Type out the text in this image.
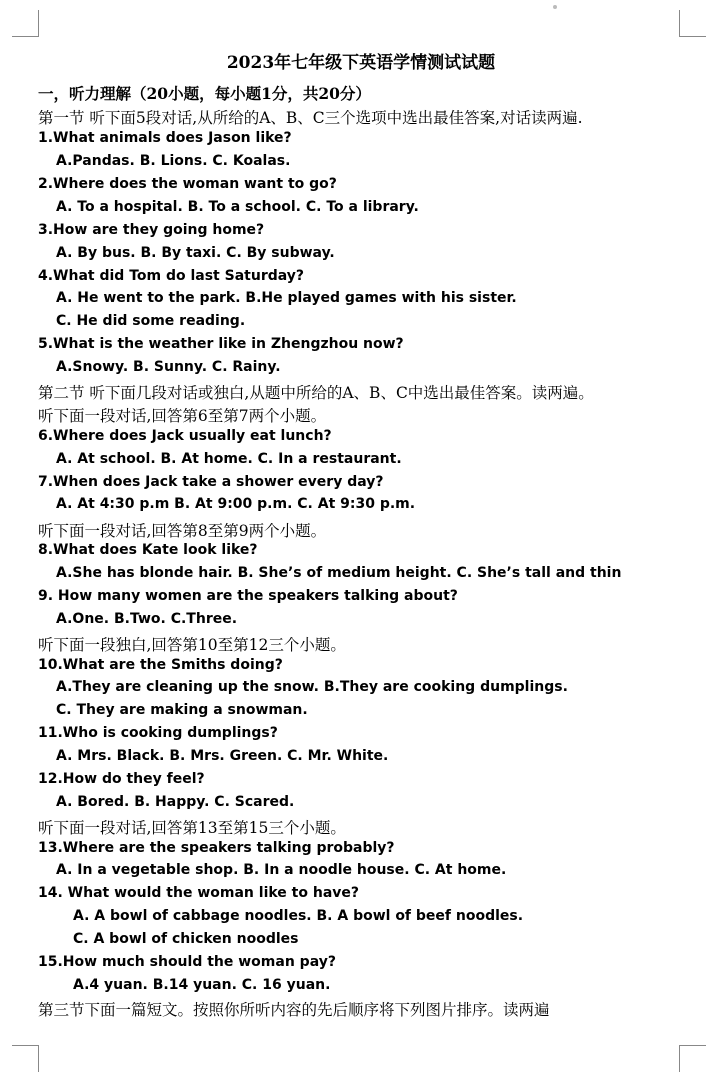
2023年七年级下英语学情测试试题
一，听力理解（20小题，每小题1分，共20分）
第一节 听下面5段对话,从所给的A、B、C三个选项中选出最佳答案,对话读两遍.
1.What animals does Jason like?
A.Pandas. B. Lions. C. Koalas.
2.Where does the woman want to go?
A. To a hospital. B. To a school. C. To a library.
3.How are they going home?
A. By bus. B. By taxi. C. By subway.
4.What did Tom do last Saturday?
A. He went to the park. B.He played games with his sister.
C. He did some reading.
5.What is the weather like in Zhengzhou now?
A.Snowy. B. Sunny. C. Rainy.
第二节 听下面几段对话或独白,从题中所给的A、B、C中选出最佳答案。读两遍。
听下面一段对话,回答第6至第7两个小题。
6.Where does Jack usually eat lunch?
A. At school. B. At home. C. In a restaurant.
7.When does Jack take a shower every day?
A. At 4:30 p.m B. At 9:00 p.m. C. At 9:30 p.m.
听下面一段对话,回答第8至第9两个小题。
8.What does Kate look like?
A.She has blonde hair. B. She’s of medium height. C. She’s tall and thin
9. How many women are the speakers talking about?
A.One. B.Two. C.Three.
听下面一段独白,回答第10至第12三个小题。
10.What are the Smiths doing?
A.They are cleaning up the snow. B.They are cooking dumplings.
C. They are making a snowman.
11.Who is cooking dumplings?
A. Mrs. Black. B. Mrs. Green. C. Mr. White.
12.How do they feel?
A. Bored. B. Happy. C. Scared.
听下面一段对话,回答第13至第15三个小题。
13.Where are the speakers talking probably?
A. In a vegetable shop. B. In a noodle house. C. At home.
14. What would the woman like to have?
A. A bowl of cabbage noodles. B. A bowl of beef noodles.
C. A bowl of chicken noodles
15.How much should the woman pay?
A.4 yuan. B.14 yuan. C. 16 yuan.
第三节下面一篇短文。按照你所听内容的先后顺序将下列图片排序。读两遍
